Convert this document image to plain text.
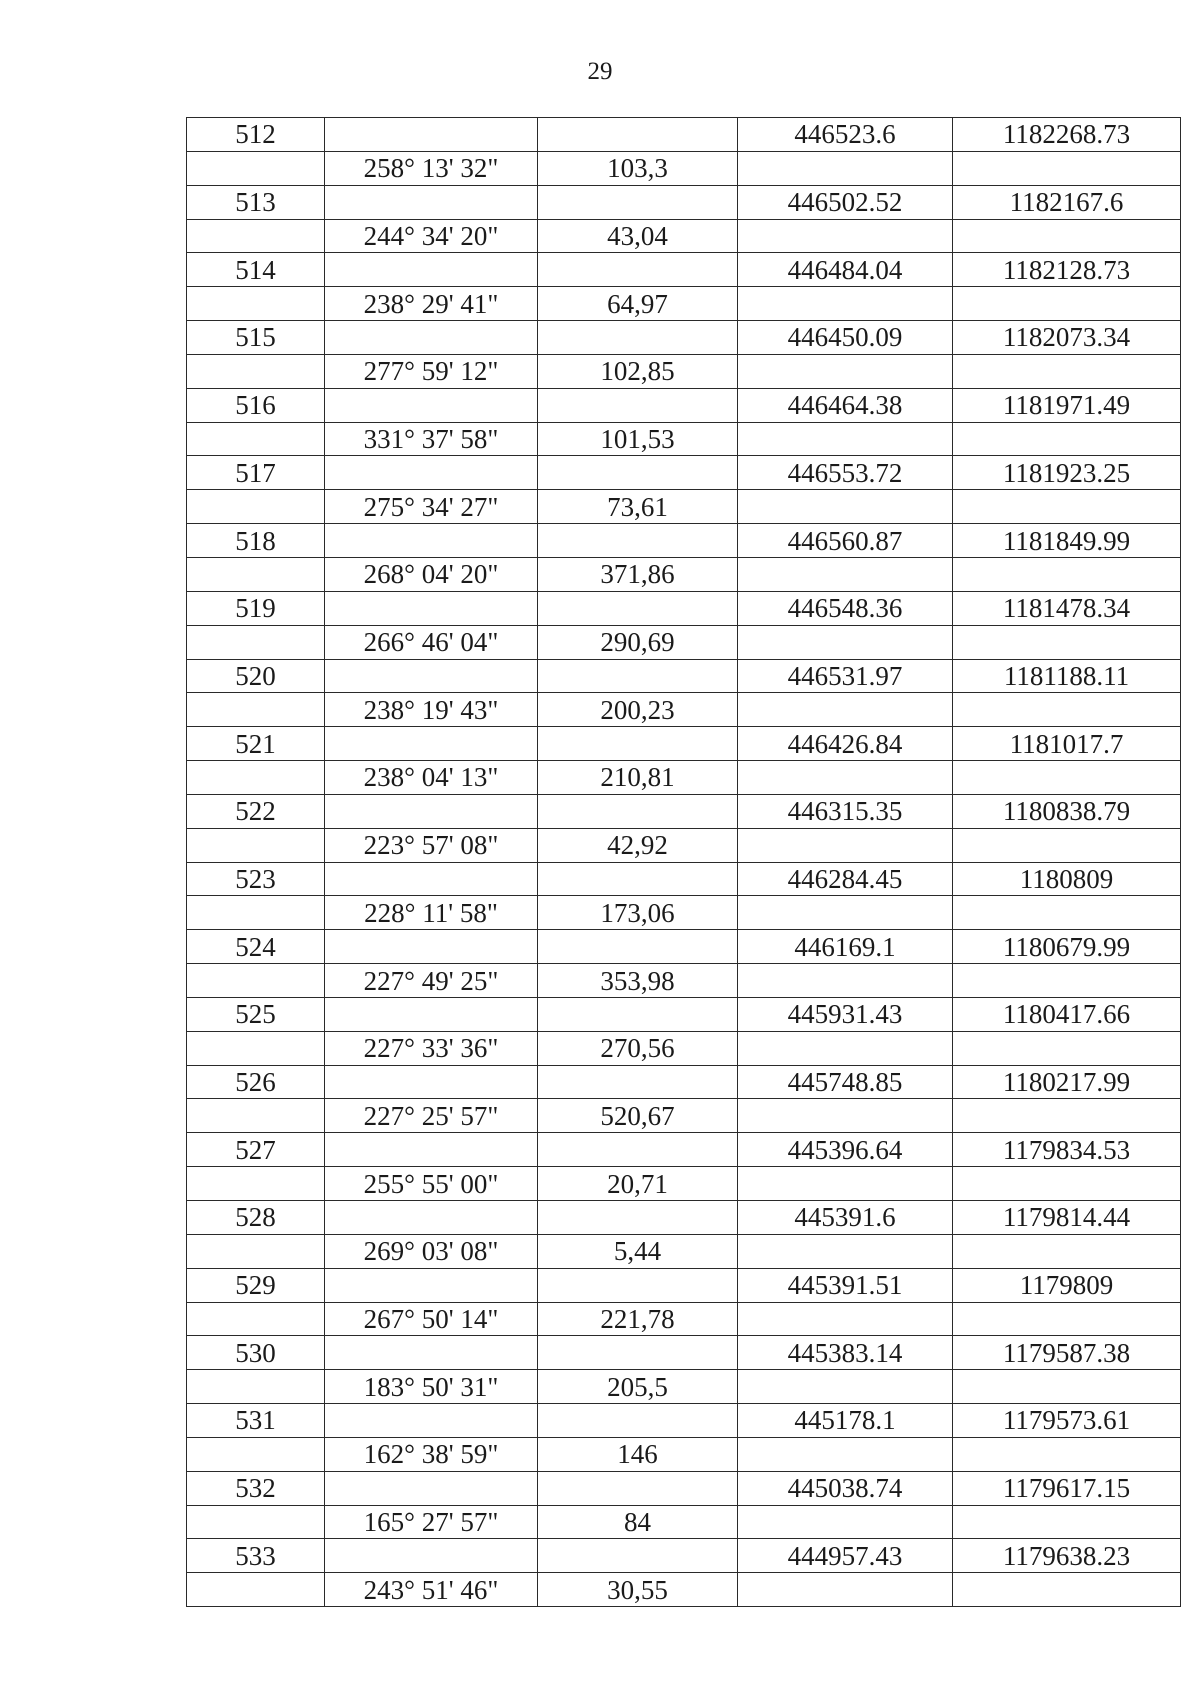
29
512			446523.6	1182268.73
	258° 13' 32"	103,3		
513			446502.52	1182167.6
	244° 34' 20"	43,04		
514			446484.04	1182128.73
	238° 29' 41"	64,97		
515			446450.09	1182073.34
	277° 59' 12"	102,85		
516			446464.38	1181971.49
	331° 37' 58"	101,53		
517			446553.72	1181923.25
	275° 34' 27"	73,61		
518			446560.87	1181849.99
	268° 04' 20"	371,86		
519			446548.36	1181478.34
	266° 46' 04"	290,69		
520			446531.97	1181188.11
	238° 19' 43"	200,23		
521			446426.84	1181017.7
	238° 04' 13"	210,81		
522			446315.35	1180838.79
	223° 57' 08"	42,92		
523			446284.45	1180809
	228° 11' 58"	173,06		
524			446169.1	1180679.99
	227° 49' 25"	353,98		
525			445931.43	1180417.66
	227° 33' 36"	270,56		
526			445748.85	1180217.99
	227° 25' 57"	520,67		
527			445396.64	1179834.53
	255° 55' 00"	20,71		
528			445391.6	1179814.44
	269° 03' 08"	5,44		
529			445391.51	1179809
	267° 50' 14"	221,78		
530			445383.14	1179587.38
	183° 50' 31"	205,5		
531			445178.1	1179573.61
	162° 38' 59"	146		
532			445038.74	1179617.15
	165° 27' 57"	84		
533			444957.43	1179638.23
	243° 51' 46"	30,55		
